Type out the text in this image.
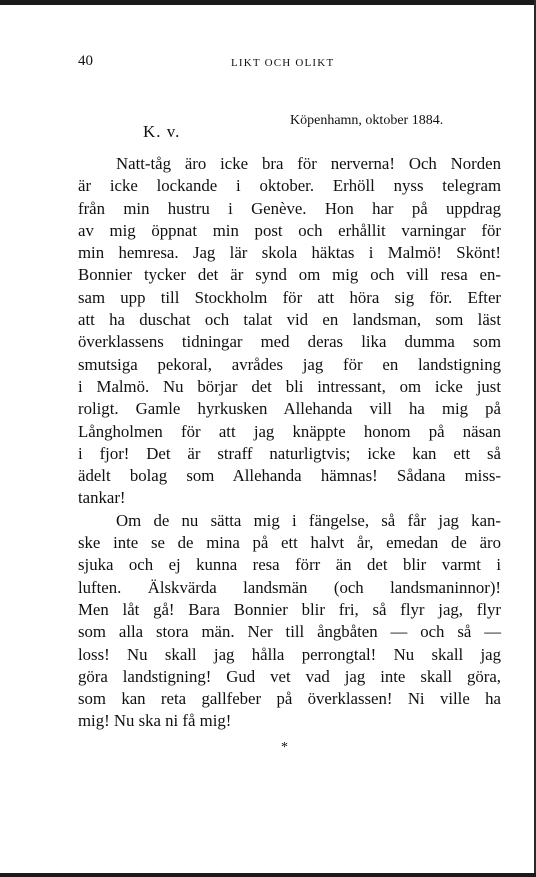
40	LIKT OCH OLIKT
Köpenhamn, oktober 1884.
K. v.

Natt-tåg äro icke bra för nerverna! Och Norden

är icke lockande i oktober. Erhöll nyss telegram

från min hustru i Genève. Hon har på uppdrag

av mig öppnat min post och erhållit varningar för

min hemresa. Jag lär skola häktas i Malmö! Skönt!

Bonnier tycker det är synd om mig och vill resa en-

sam upp till Stockholm för att höra sig för. Efter

att ha duschat och talat vid en landsman, som läst

överklassens tidningar med deras lika dumma som

smutsiga pekoral, avrådes jag för en landstigning

i Malmö. Nu börjar det bli intressant, om icke just

roligt. Gamle hyrkusken Allehanda vill ha mig på

Långholmen för att jag knäppte honom på näsan

i fjor! Det är straff naturligtvis; icke kan ett så

ädelt bolag som Allehanda hämnas! Sådana miss-

tankar!

Om de nu sätta mig i fängelse, så får jag kan-

ske inte se de mina på ett halvt år, emedan de äro

sjuka och ej kunna resa förr än det blir varmt i

luften. Älskvärda landsmän (och landsmaninnor)!

Men låt gå! Bara Bonnier blir fri, så flyr jag, flyr

som alla stora män. Ner till ångbåten — och så —

loss! Nu skall jag hålla perrongtal! Nu skall jag

göra landstigning! Gud vet vad jag inte skall göra,

som kan reta gallfeber på överklassen! Ni ville ha

mig! Nu ska ni få mig!

*
